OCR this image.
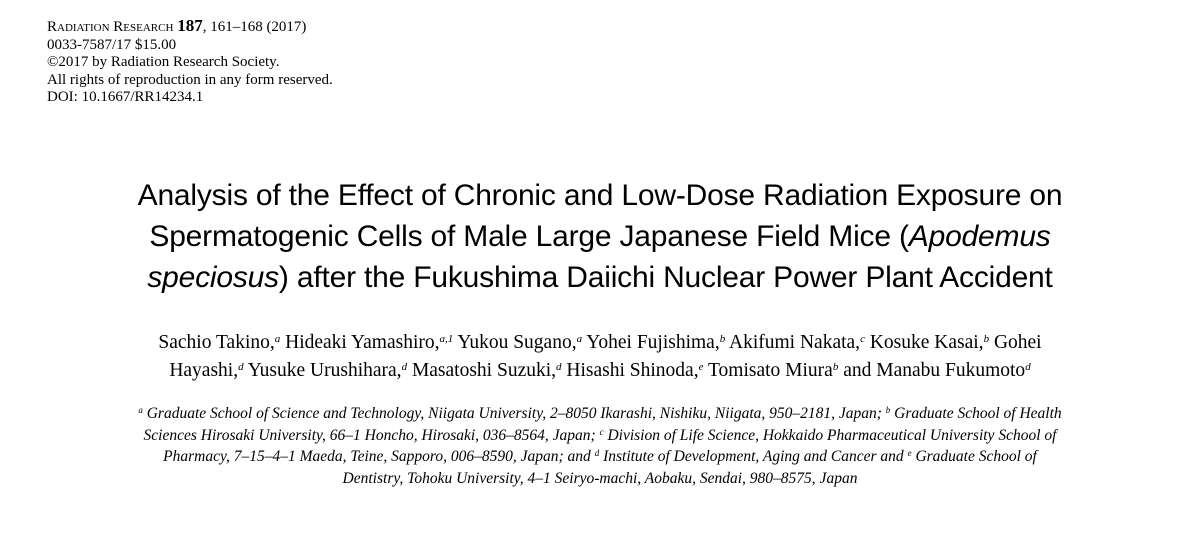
Radiation Research 187, 161–168 (2017)
0033-7587/17 $15.00
©2017 by Radiation Research Society.
All rights of reproduction in any form reserved.
DOI: 10.1667/RR14234.1
Analysis of the Effect of Chronic and Low-Dose Radiation Exposure on
Spermatogenic Cells of Male Large Japanese Field Mice (Apodemus
speciosus) after the Fukushima Daiichi Nuclear Power Plant Accident
Sachio Takino,$^a$ Hideaki Yamashiro,$^{a,1}$ Yukou Sugano,$^a$ Yohei Fujishima,$^b$ Akifumi Nakata,$^c$ Kosuke Kasai,$^b$ Gohei
Hayashi,$^d$ Yusuke Urushihara,$^d$ Masatoshi Suzuki,$^d$ Hisashi Shinoda,$^e$ Tomisato Miura$^b$ and Manabu Fukumoto$^d$
$^a$ Graduate School of Science and Technology, Niigata University, 2–8050 Ikarashi, Nishiku, Niigata, 950–2181, Japan; $^b$ Graduate School of Health
Sciences Hirosaki University, 66–1 Honcho, Hirosaki, 036–8564, Japan; $^c$ Division of Life Science, Hokkaido Pharmaceutical University School of
Pharmacy, 7–15–4–1 Maeda, Teine, Sapporo, 006–8590, Japan; and $^d$ Institute of Development, Aging and Cancer and $^e$ Graduate School of
Dentistry, Tohoku University, 4–1 Seiryo-machi, Aobaku, Sendai, 980–8575, Japan
